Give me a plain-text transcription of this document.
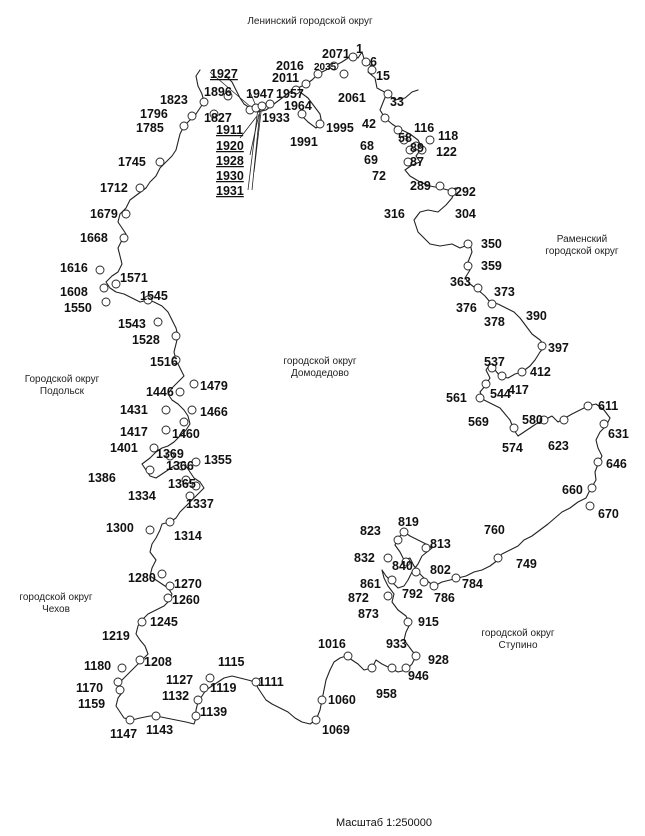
Ленинский городской округ
Раменский
городской округ
городской округ
Домодедово
Городской округ
Подольск
городской округ
Чехов
городской округ
Ступино
1
6
15
33
42
58
68
69
72
87
89
116
118
122
289 292
304
316
350
359
363
373
376
378 390
397
412
417
537
544
561
569
574
580
611
623
631
646
660
670
749
760
784
786
792
802
813
819
823
832
840
861
872
873
915
928
933
946
958
1016
1060
1069
1111
1115
1119
1127
1132
1139
1143
1147
1159
1170
1180	1208
1219
1245
1260
1270
1280
1300
1314
1334
1337
1355
1365
1366
1369
1386
1401
1417
1431
1446
1460
1466
1479
1516
1528
1543
1545
1550
1571
1608
1616
1668
1679
1712
1745
1785
1796
1823
1827
1896
1911
1920
1927
1928
1930
1931
1933
1947 1957
1964
1991
1995
2011
2016 2035
2061
2071
Масштаб 1:250000
